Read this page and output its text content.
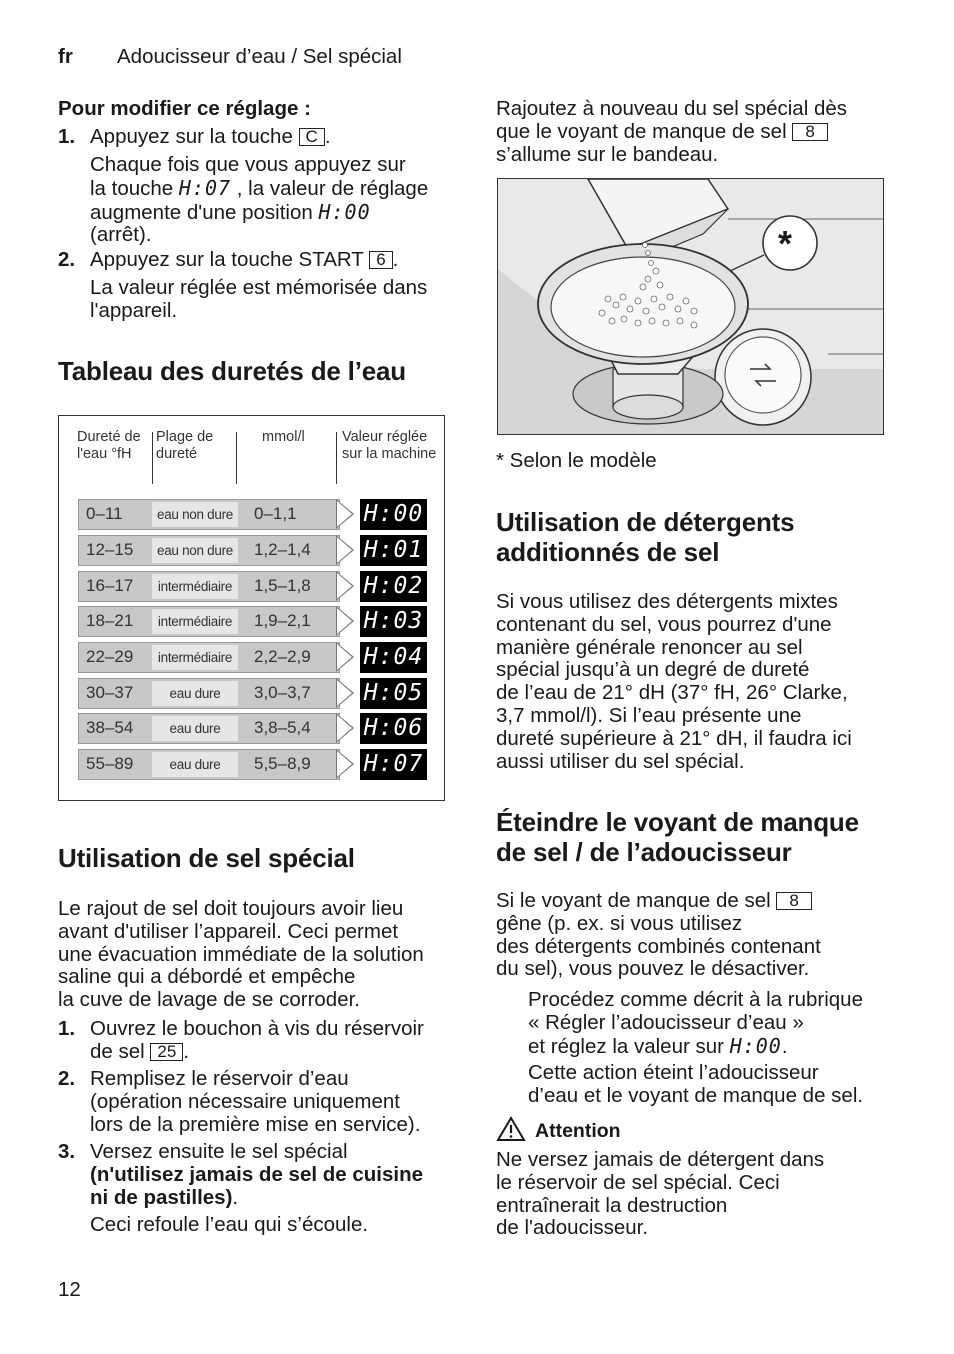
fr Adoucisseur d’eau / Sel spécial
Pour modifier ce réglage :
1. Appuyez sur la touche C .
Chaque fois que vous appuyez sur
la touche H:07 , la valeur de réglage
augmente d'une position H:00
(arrêt).
2. Appuyez sur la touche START 6 .
La valeur réglée est mémorisée dans
l'appareil.
Tableau des duretés de l’eau
Dureté de
l'eau °fH
Plage de
dureté
mmol/l	Valeur réglée
sur la machine
0–11	eau non dure 0–1,1	H:00
12–15	eau non dure 1,2–1,4 H:01
16–17	intermédiaire	1,5–1,8 H:02
18–21	intermédiaire	1,9–2,1 H:03
22–29	intermédiaire	2,2–2,9 H:04
30–37	eau dure	3,0–3,7 H:05
38–54	eau dure	3,8–5,4 H:06
55–89	eau dure	5,5–8,9 H:07
Utilisation de sel spécial
Le rajout de sel doit toujours avoir lieu
avant d'utiliser l’appareil. Ceci permet
une évacuation immédiate de la solution
saline qui a débordé et empêche
la cuve de lavage de se corroder.
1. Ouvrez le bouchon à vis du réservoir
de sel 25 .
2. Remplisez le réservoir d’eau
(opération nécessaire uniquement
lors de la première mise en service).
3. Versez ensuite le sel spécial
(n'utilisez jamais de sel de cuisine
ni de pastilles).
Ceci refoule l’eau qui s’écoule.
12
Rajoutez à nouveau du sel spécial dès
que le voyant de manque de sel 8
s’allume sur le bandeau.
*
* Selon le modèle
Utilisation de détergents
additionnés de sel
Si vous utilisez des détergents mixtes
contenant du sel, vous pourrez d'une
manière générale renoncer au sel
spécial jusqu’à un degré de dureté
de l’eau de 21° dH (37° fH, 26° Clarke,
3,7 mmol/l). Si l’eau présente une
dureté supérieure à 21° dH, il faudra ici
aussi utiliser du sel spécial.
Éteindre le voyant de manque
de sel / de l’adoucisseur
Si le voyant de manque de sel 8
gêne (p. ex. si vous utilisez
des détergents combinés contenant
du sel), vous pouvez le désactiver.
Procédez comme décrit à la rubrique
« Régler l’adoucisseur d’eau »
et réglez la valeur sur H:00.
Cette action éteint l’adoucisseur
d’eau et le voyant de manque de sel.
Attention
Ne versez jamais de détergent dans
le réservoir de sel spécial. Ceci
entraînerait la destruction
de l'adoucisseur.
